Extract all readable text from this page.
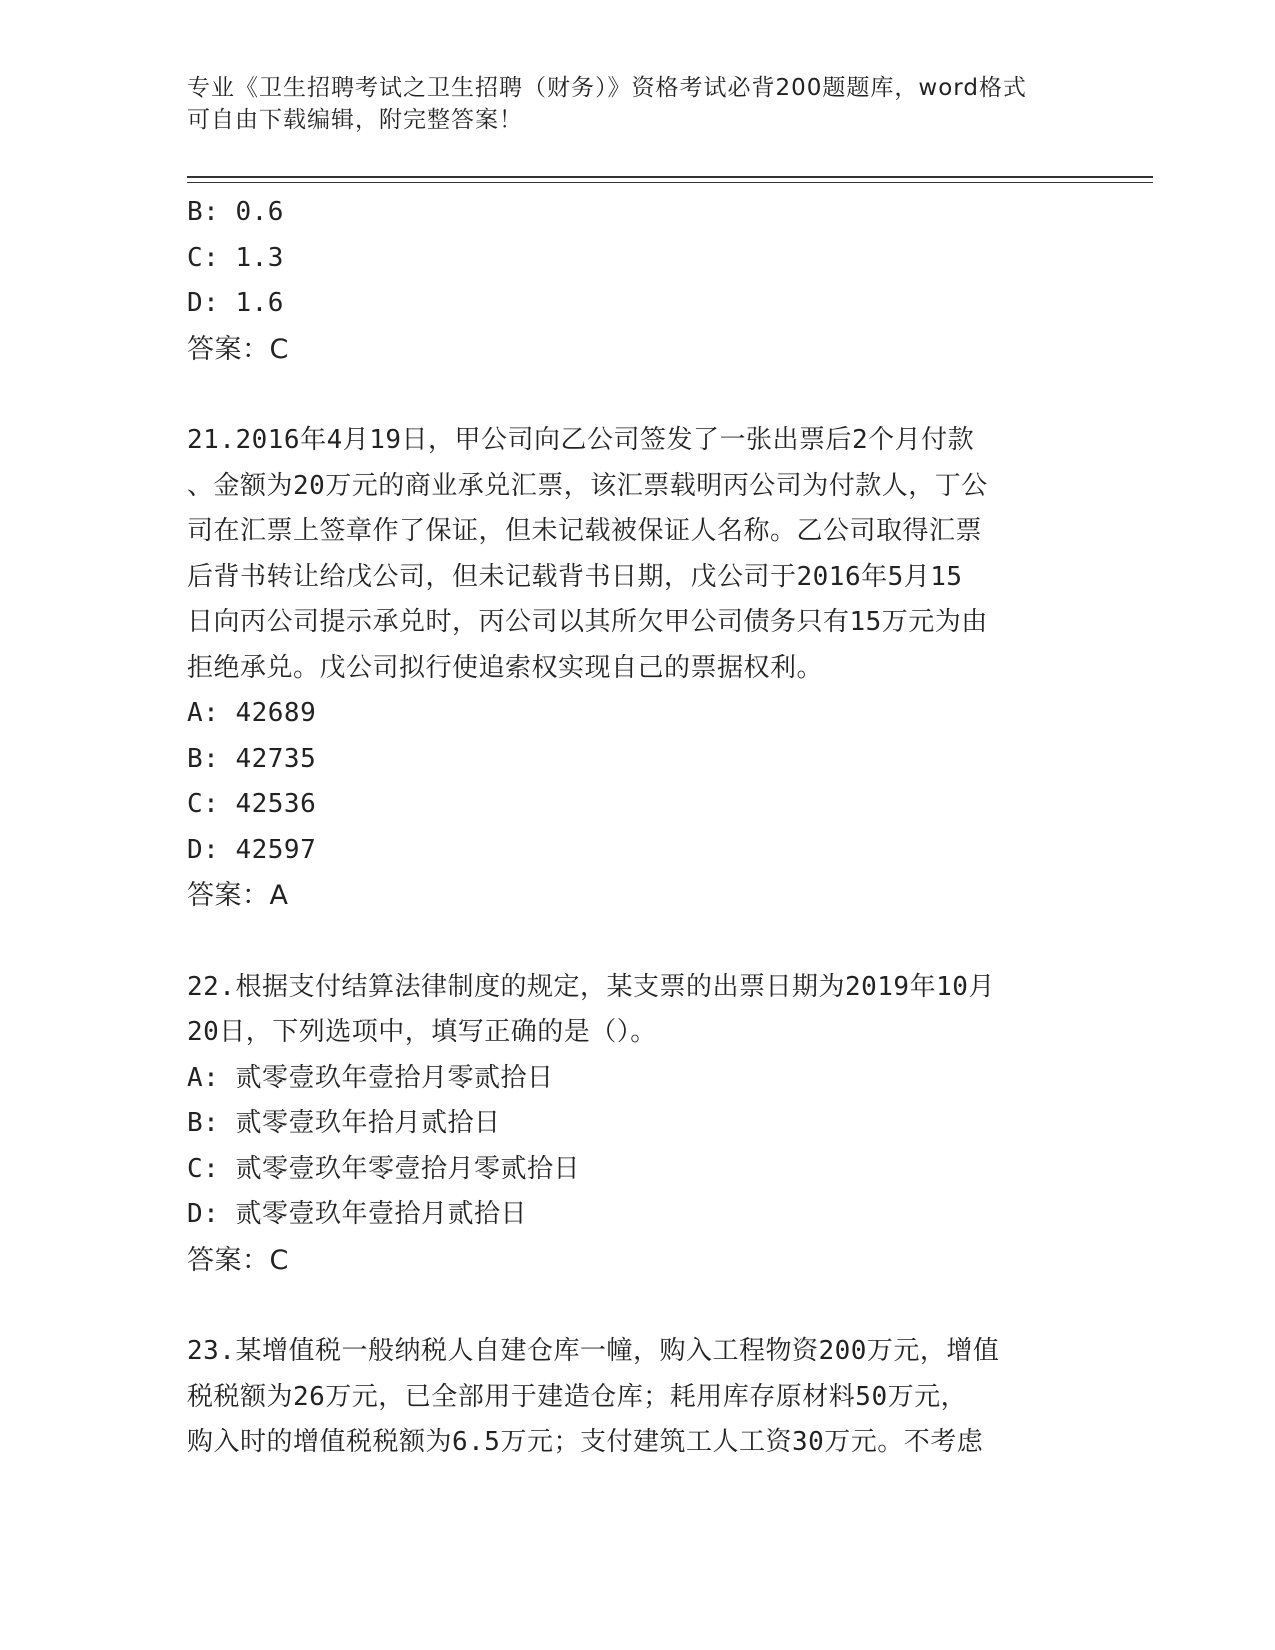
专业《卫生招聘考试之卫生招聘（财务）》资格考试必背200题题库，word格式
可自由下载编辑，附完整答案！
B: 0.6
C: 1.3
D: 1.6
答案：C
21.2016年4月19日，甲公司向乙公司签发了一张出票后2个月付款
、金额为20万元的商业承兑汇票，该汇票载明丙公司为付款人，丁公
司在汇票上签章作了保证，但未记载被保证人名称。乙公司取得汇票
后背书转让给戊公司，但未记载背书日期，戊公司于2016年5月15
日向丙公司提示承兑时，丙公司以其所欠甲公司债务只有15万元为由
拒绝承兑。戊公司拟行使追索权实现自己的票据权利。
A: 42689
B: 42735
C: 42536
D: 42597
答案：A
22.根据支付结算法律制度的规定，某支票的出票日期为2019年10月
20日，下列选项中，填写正确的是（）。
A: 贰零壹玖年壹拾月零贰拾日
B: 贰零壹玖年拾月贰拾日
C: 贰零壹玖年零壹拾月零贰拾日
D: 贰零壹玖年壹拾月贰拾日
答案：C
23.某增值税一般纳税人自建仓库一幢，购入工程物资200万元，增值
税税额为26万元，已全部用于建造仓库；耗用库存原材料50万元，
购入时的增值税税额为6.5万元；支付建筑工人工资30万元。不考虑
